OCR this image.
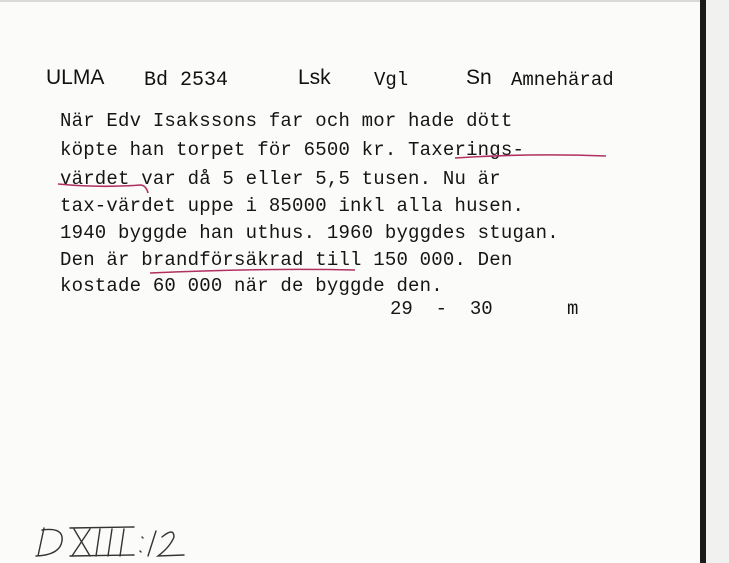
ULMA Bd 2534	Lsk Vgl	Sn Amnehärad
När Edv Isakssons far och mor hade dött
köpte han torpet för 6500 kr. Taxerings-
värdet var då 5 eller 5,5 tusen. Nu är
tax-värdet uppe i 85000 inkl alla husen.
1940 byggde han uthus. 1960 byggdes stugan.
Den är brandförsäkrad till 150 000. Den
kostade 60 000 när de byggde den.
29  -  30	m
